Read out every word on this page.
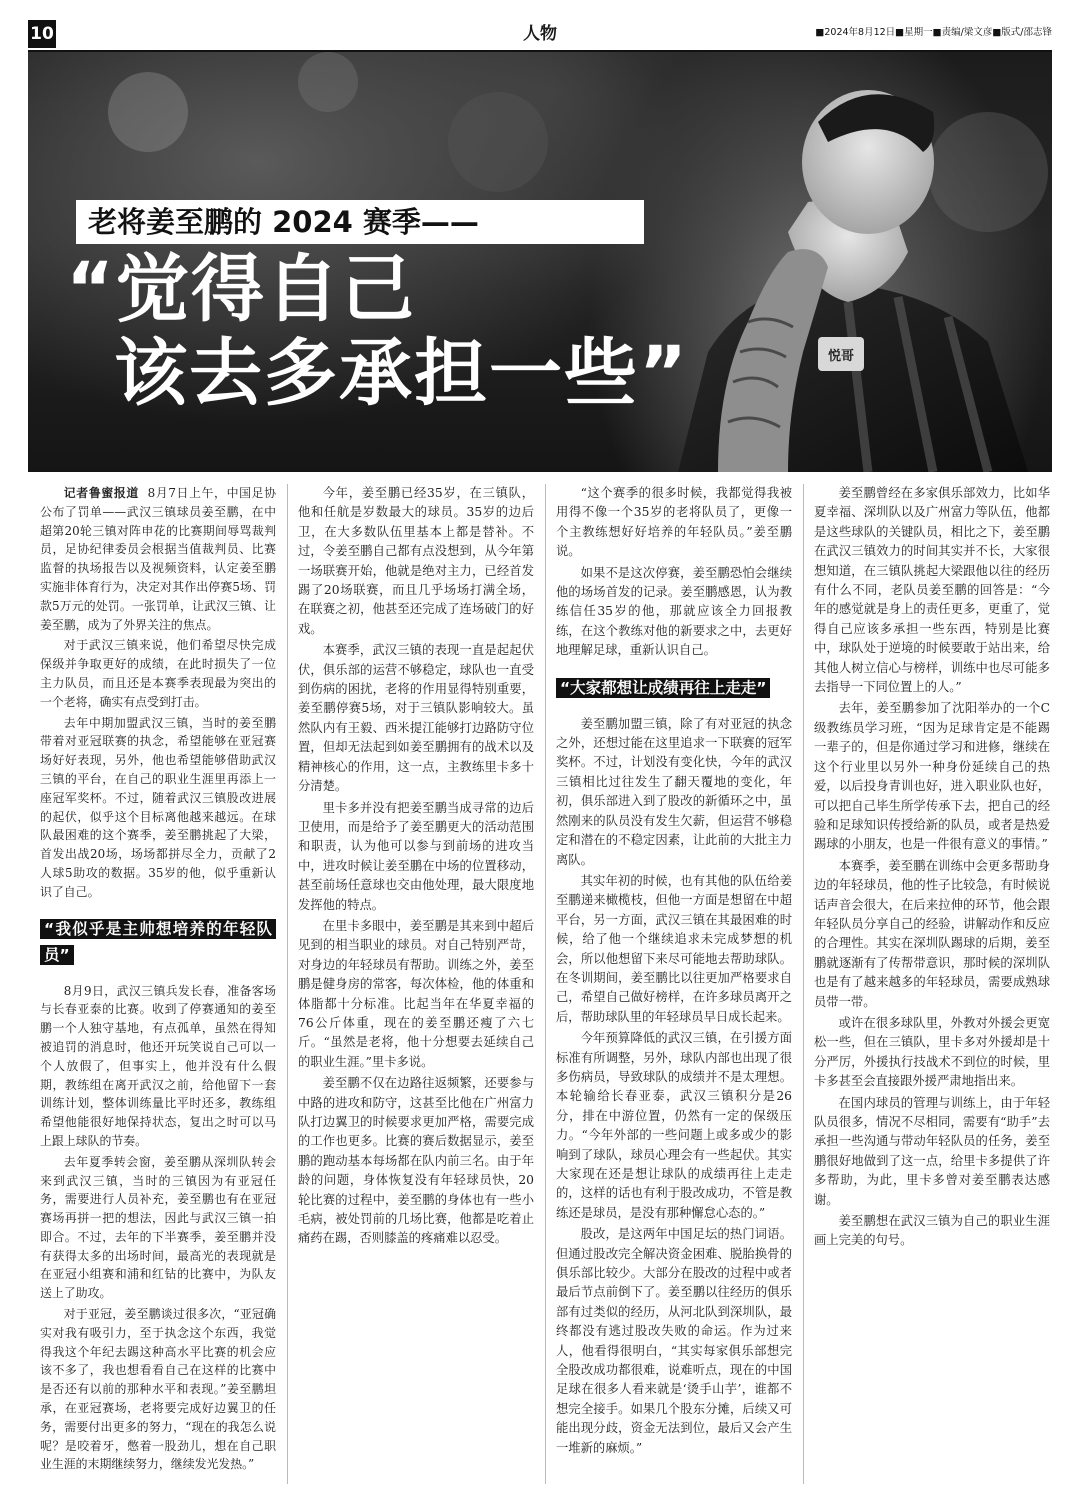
10	人物	■2024年8月12日■星期一■责编/梁文彦■版式/邵志锋
悦哥
老将姜至鹏的 2024 赛季——
“觉得自己
该去多承担一些”

记者鲁蜜报道 8月7日上午，中国足协公布了罚单——武汉三镇球员姜至鹏，在中超第20轮三镇对阵申花的比赛期间辱骂裁判员，足协纪律委员会根据当值裁判员、比赛监督的执场报告以及视频资料，认定姜至鹏实施非体育行为，决定对其作出停赛5场、罚款5万元的处罚。一张罚单，让武汉三镇、让姜至鹏，成为了外界关注的焦点。

对于武汉三镇来说，他们希望尽快完成保级并争取更好的成绩，在此时损失了一位主力队员，而且还是本赛季表现最为突出的一个老将，确实有点受到打击。

去年中期加盟武汉三镇，当时的姜至鹏带着对亚冠联赛的执念，希望能够在亚冠赛场好好表现，另外，他也希望能够借助武汉三镇的平台，在自己的职业生涯里再添上一座冠军奖杯。不过，随着武汉三镇股改进展的起伏，似乎这个目标离他越来越远。在球队最困难的这个赛季，姜至鹏挑起了大梁，首发出战20场，场场都拼尽全力，贡献了2人球5助攻的数据。35岁的他，似乎重新认识了自己。

“我似乎是主帅想培养的年轻队员”

8月9日，武汉三镇兵发长春，准备客场与长春亚泰的比赛。收到了停赛通知的姜至鹏一个人独守基地，有点孤单，虽然在得知被追罚的消息时，他还开玩笑说自己可以一个人放假了，但事实上，他并没有什么假期，教练组在离开武汉之前，给他留下一套训练计划，整体训练量比平时还多，教练组希望他能很好地保持状态，复出之时可以马上跟上球队的节奏。

去年夏季转会窗，姜至鹏从深圳队转会来到武汉三镇，当时的三镇因为有亚冠任务，需要进行人员补充，姜至鹏也有在亚冠赛场再拼一把的想法，因此与武汉三镇一拍即合。不过，去年的下半赛季，姜至鹏并没有获得太多的出场时间，最高光的表现就是在亚冠小组赛和浦和红钻的比赛中，为队友送上了助攻。

对于亚冠，姜至鹏谈过很多次，“亚冠确实对我有吸引力，至于执念这个东西，我觉得我这个年纪去踢这种高水平比赛的机会应该不多了，我也想看看自己在这样的比赛中是否还有以前的那种水平和表现。”姜至鹏坦承，在亚冠赛场，老将要完成好边翼卫的任务，需要付出更多的努力，“现在的我怎么说呢？是咬着牙，憋着一股劲儿，想在自己职业生涯的末期继续努力，继续发光发热。”

今年，姜至鹏已经35岁，在三镇队，他和任航是岁数最大的球员。35岁的边后卫，在大多数队伍里基本上都是替补。不过，令姜至鹏自己都有点没想到，从今年第一场联赛开始，他就是绝对主力，已经首发踢了20场联赛，而且几乎场场打满全场，在联赛之初，他甚至还完成了连场破门的好戏。

本赛季，武汉三镇的表现一直是起起伏伏，俱乐部的运营不够稳定，球队也一直受到伤病的困扰，老将的作用显得特别重要，姜至鹏停赛5场，对于三镇队影响较大。虽然队内有王毅、西米提江能够打边路防守位置，但却无法起到如姜至鹏拥有的战术以及精神核心的作用，这一点，主教练里卡多十分清楚。

里卡多并没有把姜至鹏当成寻常的边后卫使用，而是给予了姜至鹏更大的活动范围和职责，认为他可以参与到前场的进攻当中，进攻时候让姜至鹏在中场的位置移动，甚至前场任意球也交由他处理，最大限度地发挥他的特点。

在里卡多眼中，姜至鹏是其来到中超后见到的相当职业的球员。对自己特别严苛，对身边的年轻球员有帮助。训练之外，姜至鹏是健身房的常客，每次体检，他的体重和体脂都十分标准。比起当年在华夏幸福的76公斤体重，现在的姜至鹏还瘦了六七斤。“虽然是老将，他十分想要去延续自己的职业生涯。”里卡多说。

姜至鹏不仅在边路往返频繁，还要参与中路的进攻和防守，这甚至比他在广州富力队打边翼卫的时候要求更加严格，需要完成的工作也更多。比赛的赛后数据显示，姜至鹏的跑动基本每场都在队内前三名。由于年龄的问题，身体恢复没有年轻球员快，20轮比赛的过程中，姜至鹏的身体也有一些小毛病，被处罚前的几场比赛，他都是吃着止痛药在踢，否则膝盖的疼痛难以忍受。

“这个赛季的很多时候，我都觉得我被用得不像一个35岁的老将队员了，更像一个主教练想好好培养的年轻队员。”姜至鹏说。

如果不是这次停赛，姜至鹏恐怕会继续他的场场首发的记录。姜至鹏感恩，认为教练信任35岁的他，那就应该全力回报教练，在这个教练对他的新要求之中，去更好地理解足球，重新认识自己。

“大家都想让成绩再往上走走”

姜至鹏加盟三镇，除了有对亚冠的执念之外，还想过能在这里追求一下联赛的冠军奖杯。不过，计划没有变化快，今年的武汉三镇相比过往发生了翻天覆地的变化，年初，俱乐部进入到了股改的新循环之中，虽然刚来的队员没有发生欠薪，但运营不够稳定和潜在的不稳定因素，让此前的大批主力离队。

其实年初的时候，也有其他的队伍给姜至鹏递来橄榄枝，但他一方面是想留在中超平台，另一方面，武汉三镇在其最困难的时候，给了他一个继续追求未完成梦想的机会，所以他想留下来尽可能地去帮助球队。在冬训期间，姜至鹏比以往更加严格要求自己，希望自己做好榜样，在许多球员离开之后，帮助球队里的年轻球员早日成长起来。

今年预算降低的武汉三镇，在引援方面标准有所调整，另外，球队内部也出现了很多伤病员，导致球队的成绩并不是太理想。本轮输给长春亚泰，武汉三镇积分是26分，排在中游位置，仍然有一定的保级压力。“今年外部的一些问题上或多或少的影响到了球队，球员心理会有一些起伏。其实大家现在还是想让球队的成绩再往上走走的，这样的话也有利于股改成功，不管是教练还是球员，是没有那种懈怠心态的。”

股改，是这两年中国足坛的热门词语。但通过股改完全解决资金困难、脱胎换骨的俱乐部比较少。大部分在股改的过程中或者最后节点前倒下了。姜至鹏以往经历的俱乐部有过类似的经历，从河北队到深圳队，最终都没有逃过股改失败的命运。作为过来人，他看得很明白，“其实每家俱乐部想完全股改成功都很难，说难听点，现在的中国足球在很多人看来就是‘烫手山芋’，谁都不想完全接手。如果几个股东分摊，后续又可能出现分歧，资金无法到位，最后又会产生一堆新的麻烦。”

姜至鹏曾经在多家俱乐部效力，比如华夏幸福、深圳队以及广州富力等队伍，他都是这些球队的关键队员，相比之下，姜至鹏在武汉三镇效力的时间其实并不长，大家很想知道，在三镇队挑起大梁跟他以往的经历有什么不同，老队员姜至鹏的回答是：“今年的感觉就是身上的责任更多，更重了，觉得自己应该多承担一些东西，特别是比赛中，球队处于逆境的时候要敢于站出来，给其他人树立信心与榜样，训练中也尽可能多去指导一下同位置上的人。”

去年，姜至鹏参加了沈阳举办的一个C级教练员学习班，“因为足球肯定是不能踢一辈子的，但是你通过学习和进修，继续在这个行业里以另外一种身份延续自己的热爱，以后投身青训也好，进入职业队也好，可以把自己毕生所学传承下去，把自己的经验和足球知识传授给新的队员，或者是热爱踢球的小朋友，也是一件很有意义的事情。”

本赛季，姜至鹏在训练中会更多帮助身边的年轻球员，他的性子比较急，有时候说话声音会很大，在后来拉伸的环节，他会跟年轻队员分享自己的经验，讲解动作和反应的合理性。其实在深圳队踢球的后期，姜至鹏就逐渐有了传帮带意识，那时候的深圳队也是有了越来越多的年轻球员，需要成熟球员带一带。

或许在很多球队里，外教对外援会更宽松一些，但在三镇队，里卡多对外援却是十分严厉，外援执行技战术不到位的时候，里卡多甚至会直接跟外援严肃地指出来。

在国内球员的管理与训练上，由于年轻队员很多，情况不尽相同，需要有“助手”去承担一些沟通与带动年轻队员的任务，姜至鹏很好地做到了这一点，给里卡多提供了许多帮助，为此，里卡多曾对姜至鹏表达感谢。

姜至鹏想在武汉三镇为自己的职业生涯画上完美的句号。
